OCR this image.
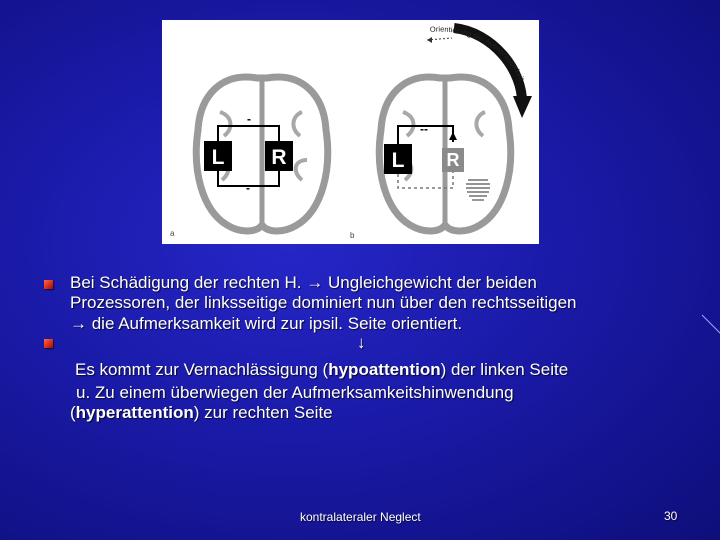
L R
-
-
a
L R
--
b
Orientierung der Aufmerksamkeit
Bei Schädigung der rechten H. → Ungleichgewicht der beiden
Prozessoren, der linksseitige dominiert nun über den rechtsseitigen
→ die Aufmerksamkeit wird zur ipsil. Seite orientiert.
↓
Es kommt zur Vernachlässigung (hypoattention) der linken Seite
u. Zu einem überwiegen der Aufmerksamkeitshinwendung
(hyperattention) zur rechten Seite
kontralateraler Neglect	30
